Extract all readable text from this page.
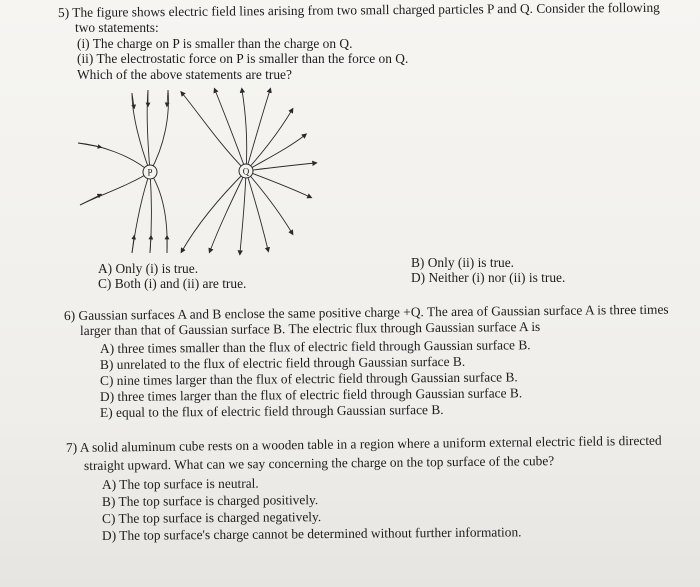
5) The figure shows electric field lines arising from two small charged particles P and Q. Consider the following
two statements:
(i) The charge on P is smaller than the charge on Q.
(ii) The electrostatic force on P is smaller than the force on Q.
Which of the above statements are true?
P	Q
A) Only (i) is true.	B) Only (ii) is true.
C) Both (i) and (ii) are true.	D) Neither (i) nor (ii) is true.
6) Gaussian surfaces A and B enclose the same positive charge +Q. The area of Gaussian surface A is three times
larger than that of Gaussian surface B. The electric flux through Gaussian surface A is
A) three times smaller than the flux of electric field through Gaussian surface B.
B) unrelated to the flux of electric field through Gaussian surface B.
C) nine times larger than the flux of electric field through Gaussian surface B.
D) three times larger than the flux of electric field through Gaussian surface B.
E) equal to the flux of electric field through Gaussian surface B.
7) A solid aluminum cube rests on a wooden table in a region where a uniform external electric field is directed
straight upward. What can we say concerning the charge on the top surface of the cube?
A) The top surface is neutral.
B) The top surface is charged positively.
C) The top surface is charged negatively.
D) The top surface's charge cannot be determined without further information.
